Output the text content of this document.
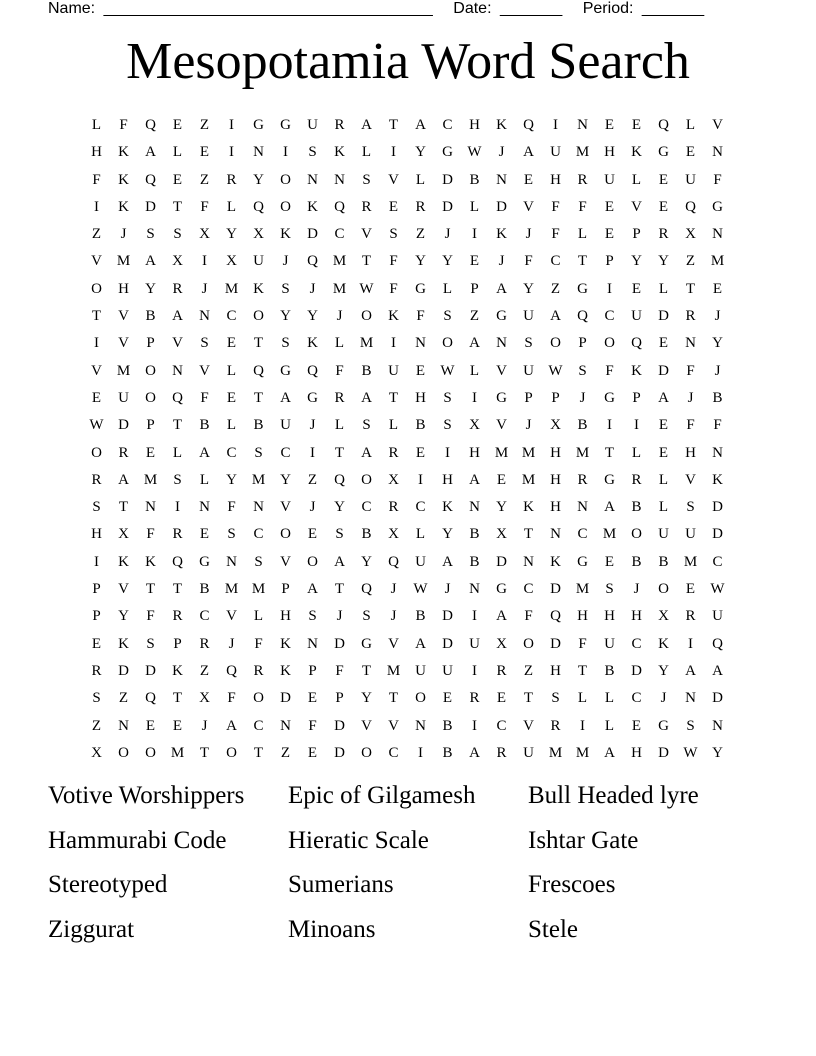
Name: _____________________________________ Date: _______ Period: _______
Mesopotamia Word Search
L	F	Q	E	Z	I	G	G	U	R	A	T	A	C	H	K	Q	I	N	E	E	Q	L	V
H	K	A	L	E	I	N	I	S	K	L	I	Y	G W	J	A	U M H	K	G	E	N
F	K	Q	E	Z	R	Y	O	N	N	S	V	L	D	B	N	E	H	R	U	L	E	U	F
I	K	D	T	F	L	Q	O	K	Q	R	E	R	D	L	D	V	F	F	E	V	E	Q	G
Z	J	S	S	X	Y	X	K	D	C	V	S	Z	J	I	K	J	F	L	E	P	R	X	N
V M A	X	I	X	U	J	Q M	T	F	Y	Y	E	J	F	C	T	P	Y	Y	Z	M
O	H	Y	R	J	M K	S	J	M W	F	G	L	P	A	Y	Z	G	I	E	L	T	E
T	V	B	A	N	C	O	Y	Y	J	O	K	F	S	Z	G	U	A	Q	C	U	D	R	J
I	V	P	V	S	E	T	S	K	L	M	I	N	O	A	N	S	O	P	O	Q	E	N	Y
V M O	N	V	L	Q	G	Q	F	B	U	E	W	L	V	U W	S	F	K	D	F	J
E	U	O	Q	F	E	T	A	G	R	A	T	H	S	I	G	P	P	J	G	P	A	J	B
W D	P	T	B	L	B	U	J	L	S	L	B	S	X	V	J	X	B	I	I	E	F	F
O	R	E	L	A	C	S	C	I	T	A	R	E	I	H M M H M	T	L	E	H	N
R	A M	S	L	Y M Y	Z	Q	O	X	I	H	A	E	M H	R	G	R	L	V	K
S	T	N	I	N	F	N	V	J	Y	C	R	C	K	N	Y	K	H	N	A	B	L	S	D
H	X	F	R	E	S	C	O	E	S	B	X	L	Y	B	X	T	N	C	M O	U	U	D
I	K	K	Q	G	N	S	V	O	A	Y	Q	U	A	B	D	N	K	G	E	B	B	M	C
P	V	T	T	B	M M	P	A	T	Q	J	W	J	N	G	C	D M	S	J	O	E	W
P	Y	F	R	C	V	L	H	S	J	S	J	B	D	I	A	F	Q	H	H	H	X	R	U
E	K	S	P	R	J	F	K	N	D	G	V	A	D	U	X	O	D	F	U	C	K	I	Q
R	D	D	K	Z	Q	R	K	P	F	T	M U	U	I	R	Z	H	T	B	D	Y	A	A
S	Z	Q	T	X	F	O	D	E	P	Y	T	O	E	R	E	T	S	L	L	C	J	N	D
Z	N	E	E	J	A	C	N	F	D	V	V	N	B	I	C	V	R	I	L	E	G	S	N
X	O	O M	T	O	T	Z	E	D	O	C	I	B	A	R	U M M A	H	D W Y
Votive Worshippers	Epic of Gilgamesh	Bull Headed lyre
Hammurabi Code	Hieratic Scale	Ishtar Gate
Stereotyped	Sumerians	Frescoes
Ziggurat	Minoans	Stele
